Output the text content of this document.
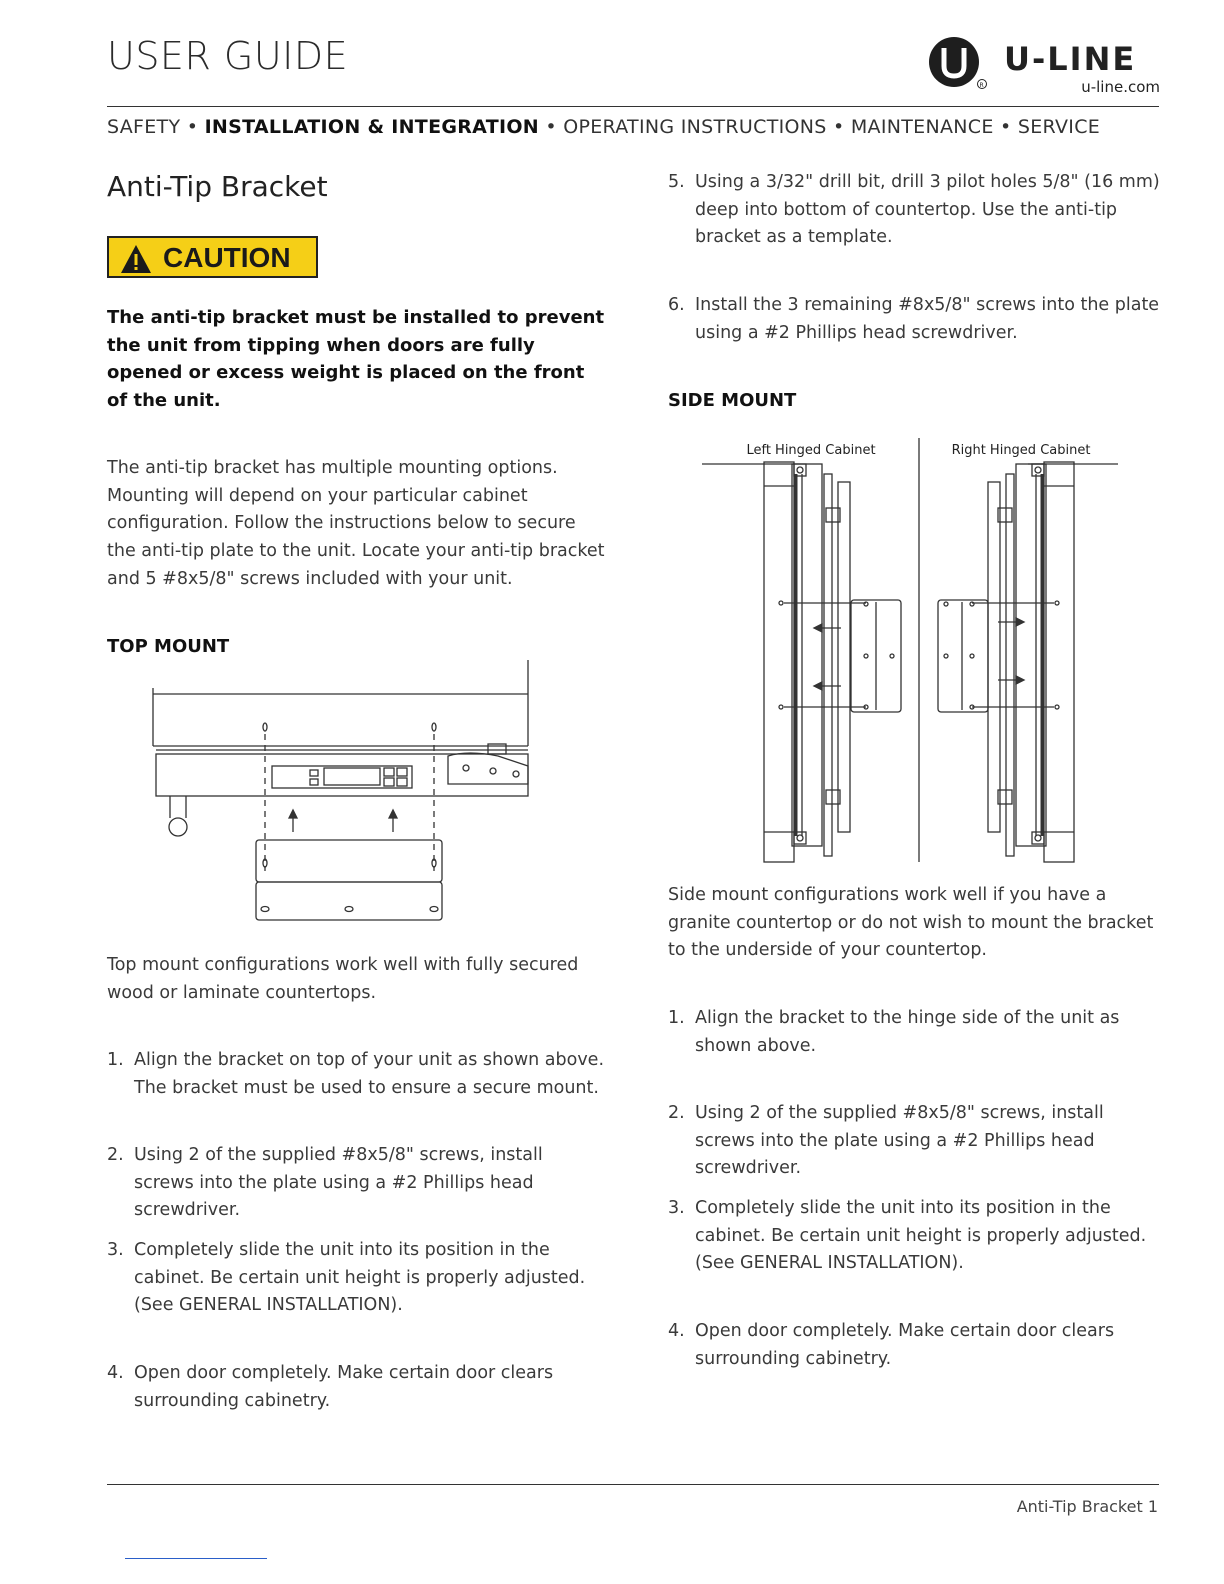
USER GUIDE
R
U-LINE
u-line.com
SAFETY • INSTALLATION & INTEGRATION • OPERATING INSTRUCTIONS • MAINTENANCE • SERVICE
Anti-Tip Bracket
CAUTION
The anti-tip bracket must be installed to prevent the unit from tipping when doors are fully opened or excess weight is placed on the front of the unit.
The anti-tip bracket has multiple mounting options. Mounting will depend on your particular cabinet configuration. Follow the instructions below to secure the anti-tip plate to the unit. Locate your anti-tip bracket and 5 #8x5/8" screws included with your unit.
TOP MOUNT
Top mount configurations work well with fully secured wood or laminate countertops.
1. Align the bracket on top of your unit as shown above. The bracket must be used to ensure a secure mount.
2. Using 2 of the supplied #8x5/8" screws, install screws into the plate using a #2 Phillips head screwdriver.
3. Completely slide the unit into its position in the cabinet. Be certain unit height is properly adjusted. (See GENERAL INSTALLATION).
4. Open door completely. Make certain door clears surrounding cabinetry.
5. Using a 3/32" drill bit, drill 3 pilot holes 5/8" (16 mm) deep into bottom of countertop. Use the anti-tip bracket as a template.
6. Install the 3 remaining #8x5/8" screws into the plate using a #2 Phillips head screwdriver.
SIDE MOUNT
Left Hinged Cabinet	Right Hinged Cabinet
Side mount configurations work well if you have a granite countertop or do not wish to mount the bracket to the underside of your countertop.
1. Align the bracket to the hinge side of the unit as shown above.
2. Using 2 of the supplied #8x5/8" screws, install screws into the plate using a #2 Phillips head screwdriver.
3. Completely slide the unit into its position in the cabinet. Be certain unit height is properly adjusted. (See GENERAL INSTALLATION).
4. Open door completely. Make certain door clears surrounding cabinetry.
Anti-Tip Bracket 1
